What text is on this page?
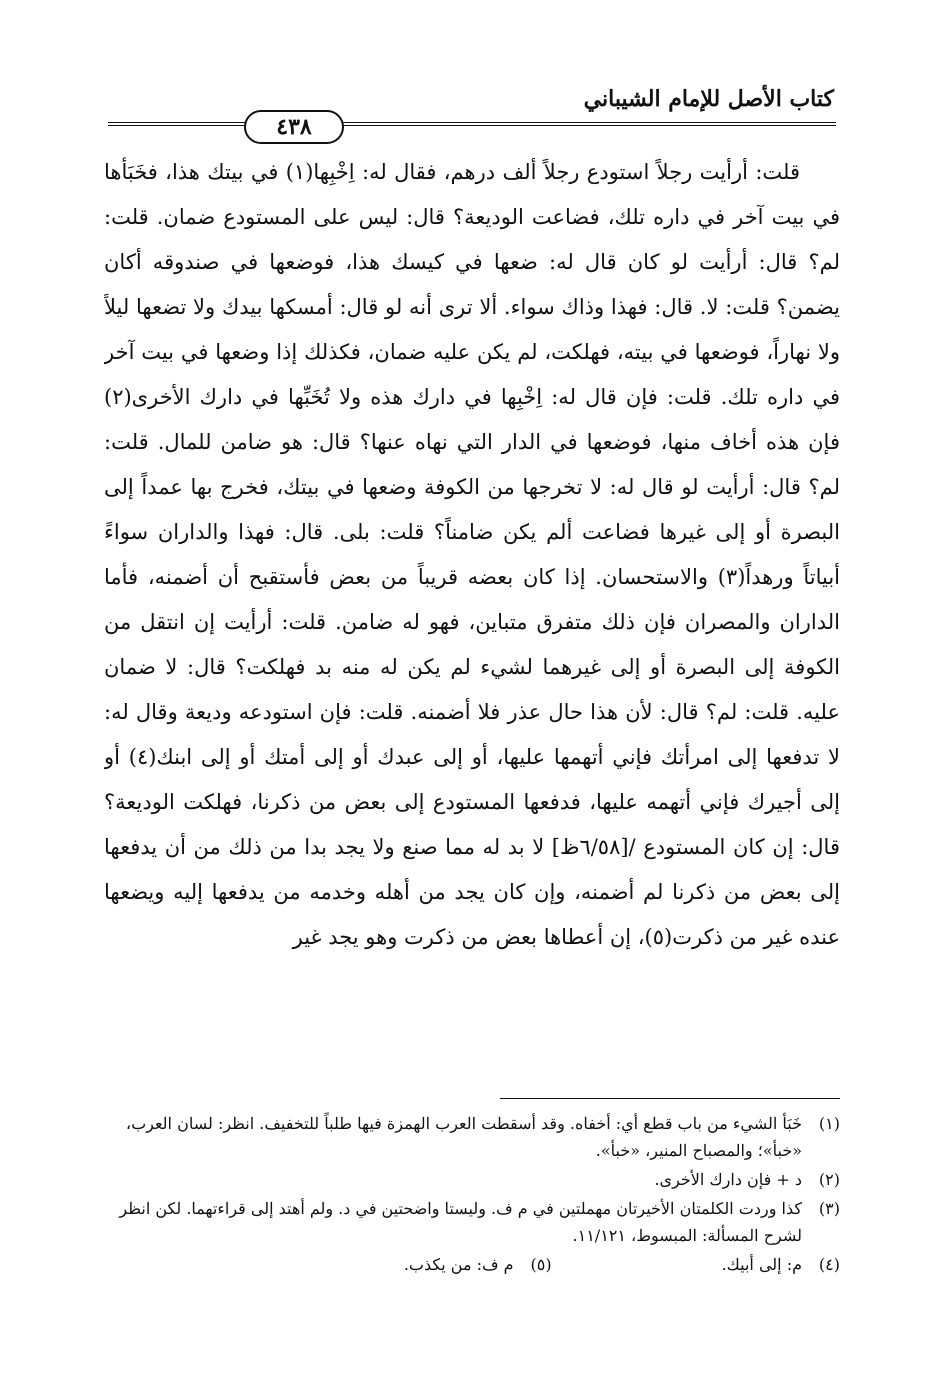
كتاب الأصل للإمام الشيباني
٤٣٨

قلت: أرأيت رجلاً استودع رجلاً ألف درهم، فقال له: اِخْبِها(١) في بيتك هذا، فخَبَأها في بيت آخر في داره تلك، فضاعت الوديعة؟ قال: ليس على المستودع ضمان. قلت: لم؟ قال: أرأيت لو كان قال له: ضعها في كيسك هذا، فوضعها في صندوقه أكان يضمن؟ قلت: لا. قال: فهذا وذاك سواء. ألا ترى أنه لو قال: أمسكها بيدك ولا تضعها ليلاً ولا نهاراً، فوضعها في بيته، فهلكت، لم يكن عليه ضمان، فكذلك إذا وضعها في بيت آخر في داره تلك. قلت: فإن قال له: اِخْبِها في دارك هذه ولا تُخَبِّها في دارك الأخرى(٢) فإن هذه أخاف منها، فوضعها في الدار التي نهاه عنها؟ قال: هو ضامن للمال. قلت: لم؟ قال: أرأيت لو قال له: لا تخرجها من الكوفة وضعها في بيتك، فخرج بها عمداً إلى البصرة أو إلى غيرها فضاعت ألم يكن ضامناً؟ قلت: بلى. قال: فهذا والداران سواءً أبياتاً ورهداً(٣) والاستحسان. إذا كان بعضه قريباً من بعض فأستقبح أن أضمنه، فأما الداران والمصران فإن ذلك متفرق متباين، فهو له ضامن. قلت: أرأيت إن انتقل من الكوفة إلى البصرة أو إلى غيرهما لشيء لم يكن له منه بد فهلكت؟ قال: لا ضمان عليه. قلت: لم؟ قال: لأن هذا حال عذر فلا أضمنه. قلت: فإن استودعه وديعة وقال له: لا تدفعها إلى امرأتك فإني أتهمها عليها، أو إلى عبدك أو إلى أمتك أو إلى ابنك(٤) أو إلى أجيرك فإني أتهمه عليها، فدفعها المستودع إلى بعض من ذكرنا، فهلكت الوديعة؟ قال: إن كان المستودع /[٦/٥٨ظ] لا بد له مما صنع ولا يجد بدا من ذلك من أن يدفعها إلى بعض من ذكرنا لم أضمنه، وإن كان يجد من أهله وخدمه من يدفعها إليه ويضعها عنده غير من ذكرت(٥)، إن أعطاها بعض من ذكرت وهو يجد غير

(١)
خَبَأ الشيء من باب قطع أي: أخفاه. وقد أسقطت العرب الهمزة فيها طلباً للتخفيف. انظر: لسان العرب، «خبأ»؛ والمصباح المنير، «خبأ».
(٢)
د + فإن دارك الأخرى.
(٣)
كذا وردت الكلمتان الأخيرتان مهملتين في م ف. وليستا واضحتين في د. ولم أهتد إلى قراءتهما. لكن انظر لشرح المسألة: المبسوط، ١١/١٢١.
(٤)
م: إلى أبيك.
(٥)
م ف: من يكذب.
